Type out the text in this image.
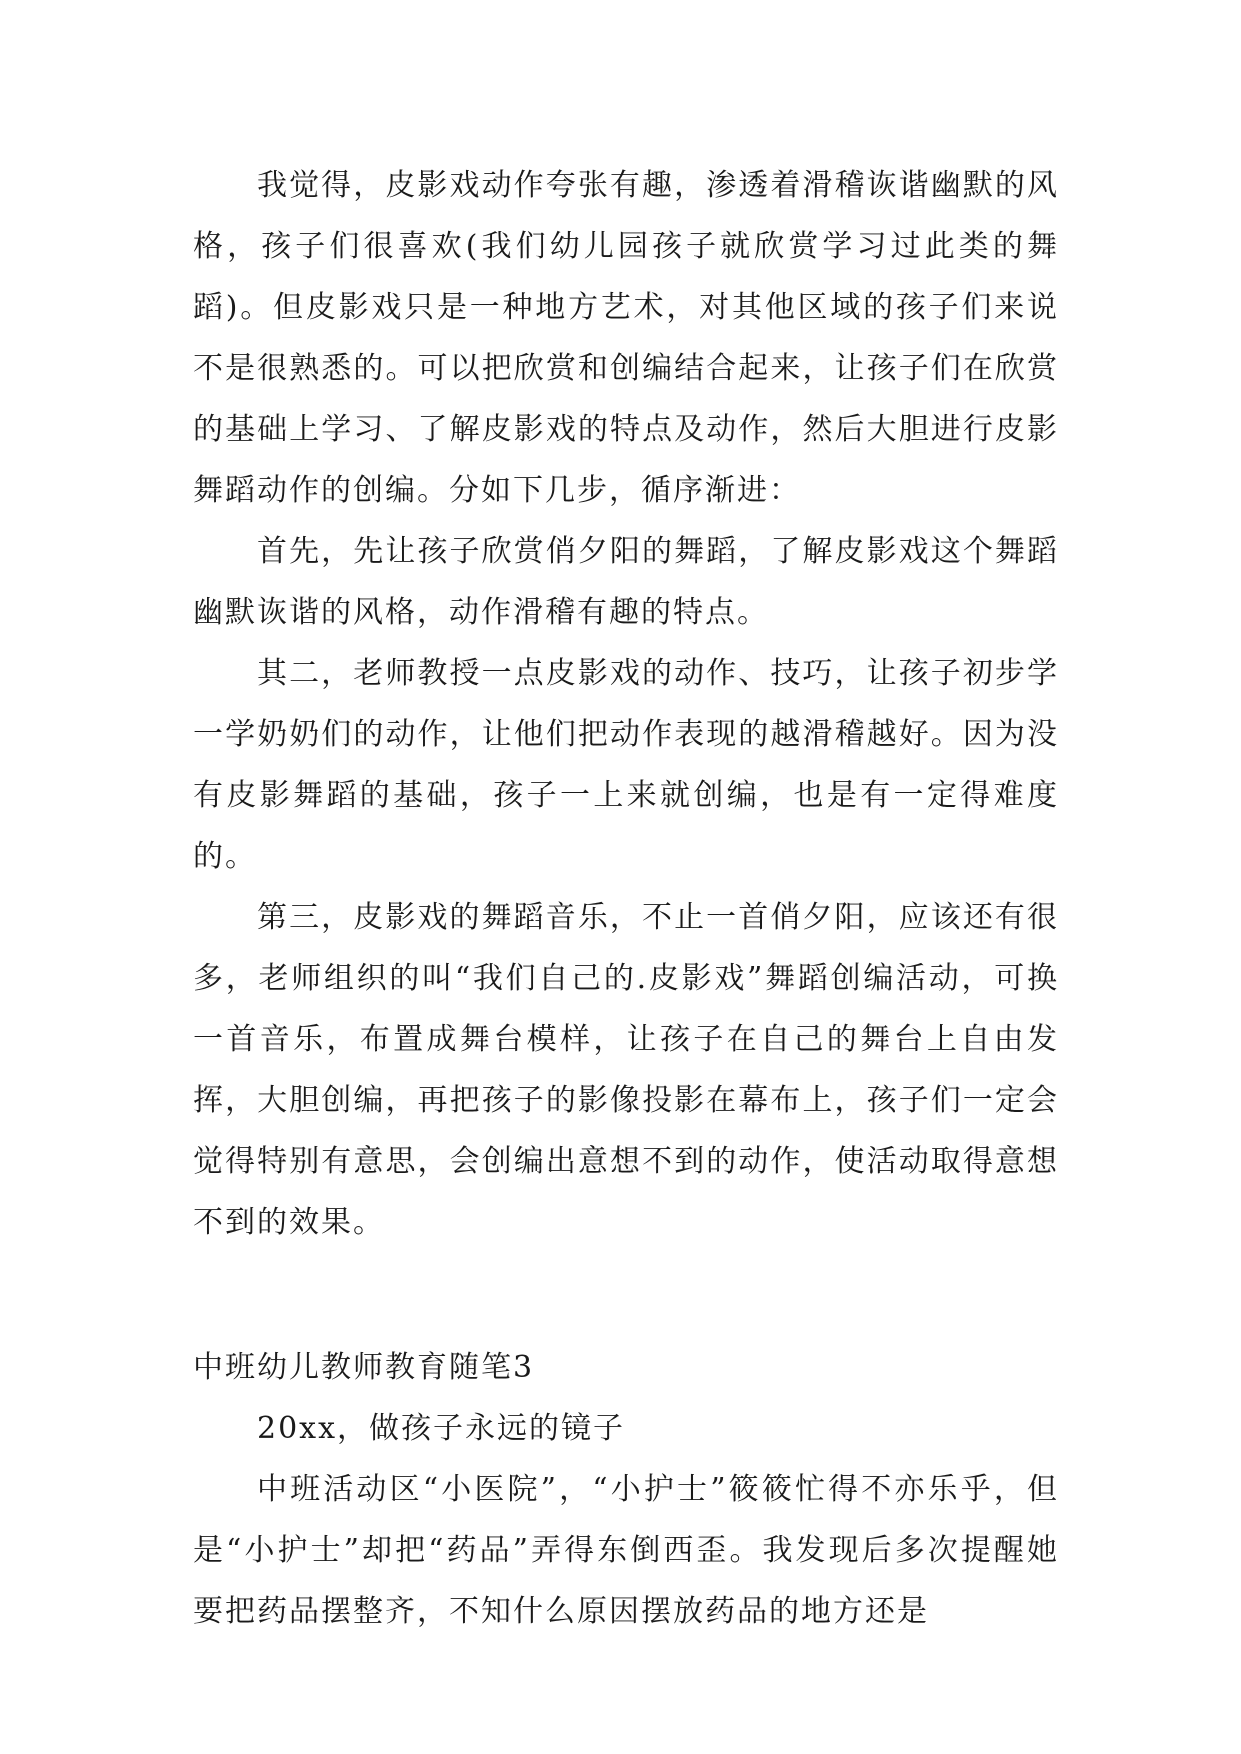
我觉得，皮影戏动作夸张有趣，渗透着滑稽诙谐幽默的风格，孩子们很喜欢(我们幼儿园孩子就欣赏学习过此类的舞蹈)。但皮影戏只是一种地方艺术，对其他区域的孩子们来说不是很熟悉的。可以把欣赏和创编结合起来，让孩子们在欣赏的基础上学习、了解皮影戏的特点及动作，然后大胆进行皮影舞蹈动作的创编。分如下几步，循序渐进：

首先，先让孩子欣赏俏夕阳的舞蹈，了解皮影戏这个舞蹈幽默诙谐的风格，动作滑稽有趣的特点。

其二，老师教授一点皮影戏的动作、技巧，让孩子初步学一学奶奶们的动作，让他们把动作表现的越滑稽越好。因为没有皮影舞蹈的基础，孩子一上来就创编，也是有一定得难度的。

第三，皮影戏的舞蹈音乐，不止一首俏夕阳，应该还有很多，老师组织的叫“我们自己的.皮影戏”舞蹈创编活动，可换一首音乐，布置成舞台模样，让孩子在自己的舞台上自由发挥，大胆创编，再把孩子的影像投影在幕布上，孩子们一定会觉得特别有意思，会创编出意想不到的动作，使活动取得意想不到的效果。

中班幼儿教师教育随笔3

20xx，做孩子永远的镜子

中班活动区“小医院”，“小护士”筱筱忙得不亦乐乎，但是“小护士”却把“药品”弄得东倒西歪。我发现后多次提醒她要把药品摆整齐，不知什么原因摆放药品的地方还是
